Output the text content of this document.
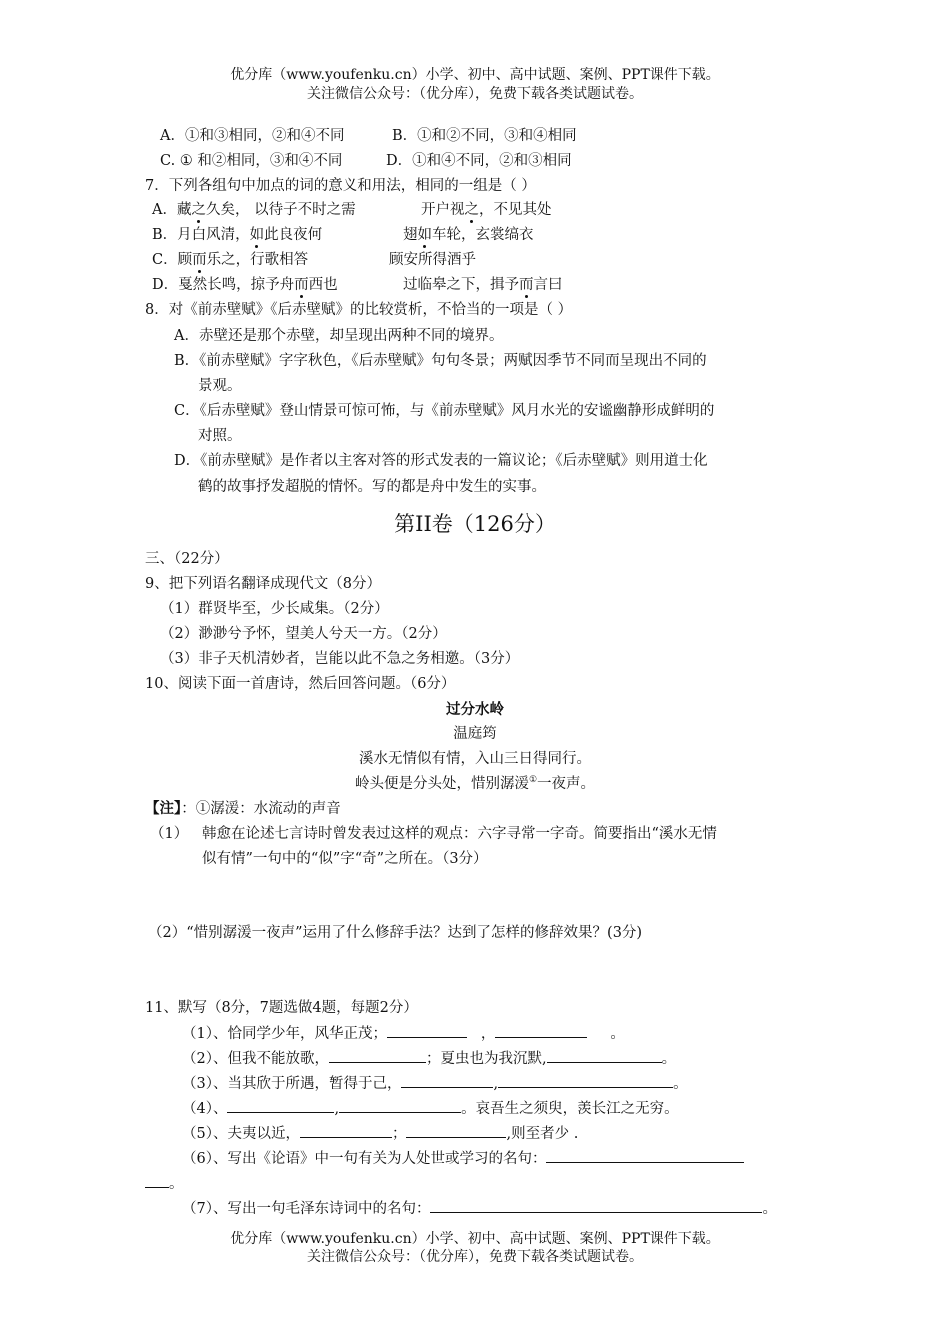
优分库（www.youfenku.cn）小学、初中、高中试题、案例、PPT课件下载。
关注微信公众号：（优分库），免费下载各类试题试卷。
A．①和③相同，②和④不同	B．①和②不同，③和④相同
C. ① 和②相同，③和④不同	D．①和④不同，②和③相同
7．下列各组句中加点的词的意义和用法，相同的一组是（ ）
A．藏之久矣， 以待子不时之需	开户视之，不见其处
B．月白风清，如此良夜何	翅如车轮，玄裳缟衣
C．顾而乐之，行歌相答	顾安所得酒乎
D．戛然长鸣，掠予舟而西也	过临皋之下，揖予而言曰
8．对《前赤壁赋》《后赤壁赋》的比较赏析，不恰当的一项是（ ）
A．赤壁还是那个赤壁，却呈现出两种不同的境界。
B．《前赤壁赋》字字秋色，《后赤壁赋》句句冬景；两赋因季节不同而呈现出不同的
景观。
C．《后赤壁赋》登山情景可惊可怖，与《前赤壁赋》风月水光的安谧幽静形成鲜明的
对照。
D．《前赤壁赋》是作者以主客对答的形式发表的一篇议论；《后赤壁赋》则用道士化
鹤的故事抒发超脱的情怀。写的都是舟中发生的实事。
第II卷（126分）
三、（22分）
9、把下列语名翻译成现代文（8分）
（1）群贤毕至，少长咸集。（2分）
（2）渺渺兮予怀，望美人兮天一方。（2分）
（3）非子天机清妙者，岂能以此不急之务相邀。（3分）
10、阅读下面一首唐诗，然后回答问题。（6分）
过分水岭
温庭筠
溪水无情似有情，入山三日得同行。
岭头便是分头处，惜别潺湲①一夜声。
【注】：①潺湲：水流动的声音
（1） 韩愈在论述七言诗时曾发表过这样的观点：六字寻常一字奇。简要指出“溪水无情
似有情”一句中的“似”字“奇”之所在。（3分）
（2）“惜别潺湲一夜声”运用了什么修辞手法？达到了怎样的修辞效果？(3分)
11、默写（8分，7题选做4题，每题2分）
（1）、恰同学少年，风华正茂；	，	。
（2）、但我不能放歌，	；夏虫也为我沉默,	。
（3）、当其欣于所遇，暂得于己，	,	。
（4）、	,	。哀吾生之须臾，羡长江之无穷。
（5）、夫夷以近，	；	,则至者少 .
（6）、写出《论语》中一句有关为人处世或学习的名句：
。
（7）、写出一句毛泽东诗词中的名句：	。
优分库（www.youfenku.cn）小学、初中、高中试题、案例、PPT课件下载。
关注微信公众号：（优分库），免费下载各类试题试卷。
